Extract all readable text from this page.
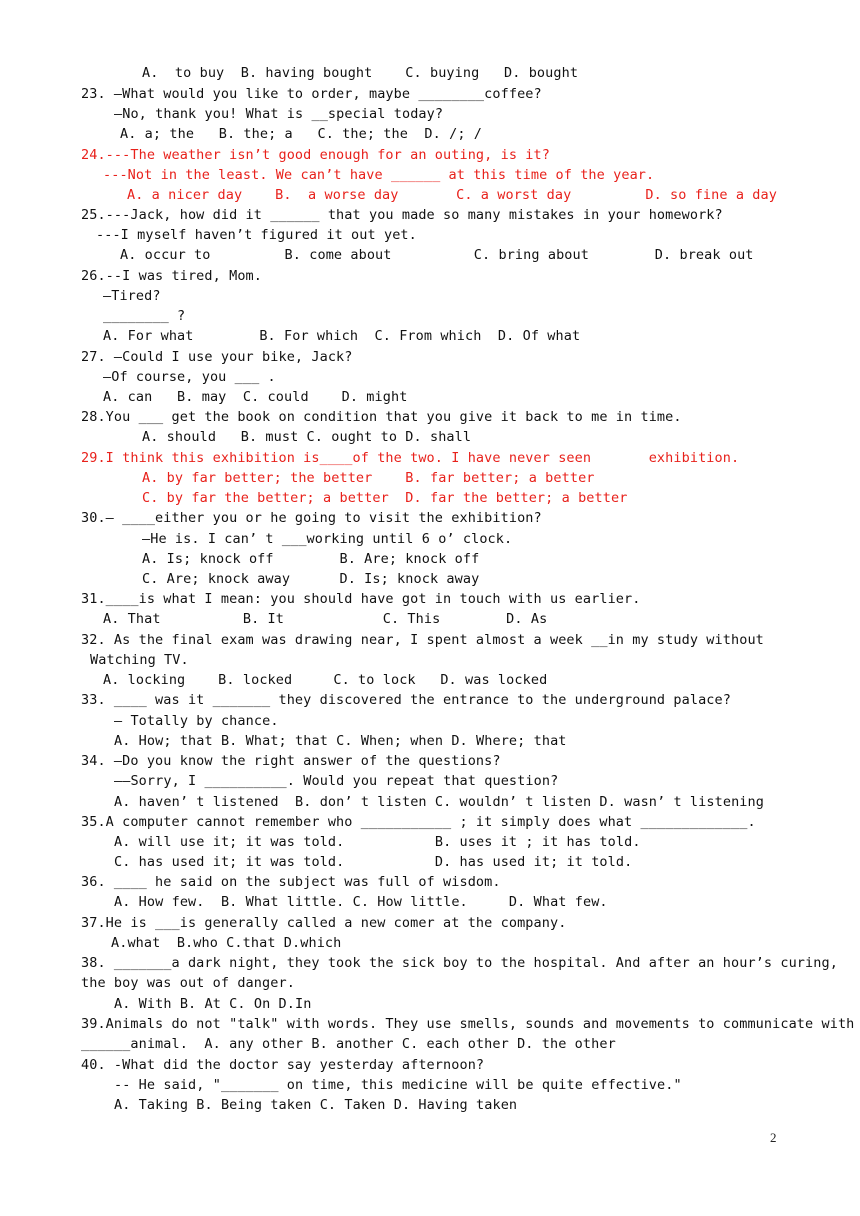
A.  to buy  B. having bought    C. buying   D. bought
23. —What would you like to order, maybe ________coffee?
—No, thank you! What is __special today?
A. a; the   B. the; a   C. the; the  D. /; /
24.---The weather isn’t good enough for an outing, is it?
---Not in the least. We can’t have ______ at this time of the year.
A. a nicer day    B.  a worse day       C. a worst day         D. so fine a day
25.---Jack, how did it ______ that you made so many mistakes in your homework?
---I myself haven’t figured it out yet.
A. occur to         B. come about          C. bring about        D. break out
26.--I was tired, Mom.
—Tired?
________ ?
A. For what        B. For which  C. From which  D. Of what
27. —Could I use your bike, Jack?
—Of course, you ___ .
A. can   B. may  C. could    D. might
28.You ___ get the book on condition that you give it back to me in time.
A. should   B. must C. ought to D. shall
29.I think this exhibition is____of the two. I have never seen       exhibition.
A. by far better; the better    B. far better; a better
C. by far the better; a better  D. far the better; a better
30.— ____either you or he going to visit the exhibition?
—He is. I can’ t ___working until 6 o’ clock.
A. Is; knock off        B. Are; knock off
C. Are; knock away      D. Is; knock away
31.____is what I mean: you should have got in touch with us earlier.
A. That          B. It            C. This        D. As
32. As the final exam was drawing near, I spent almost a week __in my study without
Watching TV.
A. locking    B. locked     C. to lock   D. was locked
33. ____ was it _______ they discovered the entrance to the underground palace?
— Totally by chance.
A. How; that B. What; that C. When; when D. Where; that
34. —Do you know the right answer of the questions?
——Sorry, I __________. Would you repeat that question?
A. haven’ t listened  B. don’ t listen C. wouldn’ t listen D. wasn’ t listening
35.A computer cannot remember who ___________ ; it simply does what _____________.
A. will use it; it was told.           B. uses it ; it has told.
C. has used it; it was told.           D. has used it; it told.
36. ____ he said on the subject was full of wisdom.
A. How few.  B. What little. C. How little.     D. What few.
37.He is ___is generally called a new comer at the company.
A.what  B.who C.that D.which
38. _______a dark night, they took the sick boy to the hospital. And after an hour’s curing,
the boy was out of danger.
A. With B. At C. On D.In
39.Animals do not "talk" with words. They use smells, sounds and movements to communicate with
______animal.  A. any other B. another C. each other D. the other
40. -What did the doctor say yesterday afternoon?
-- He said, "_______ on time, this medicine will be quite effective."
A. Taking B. Being taken C. Taken D. Having taken
2
